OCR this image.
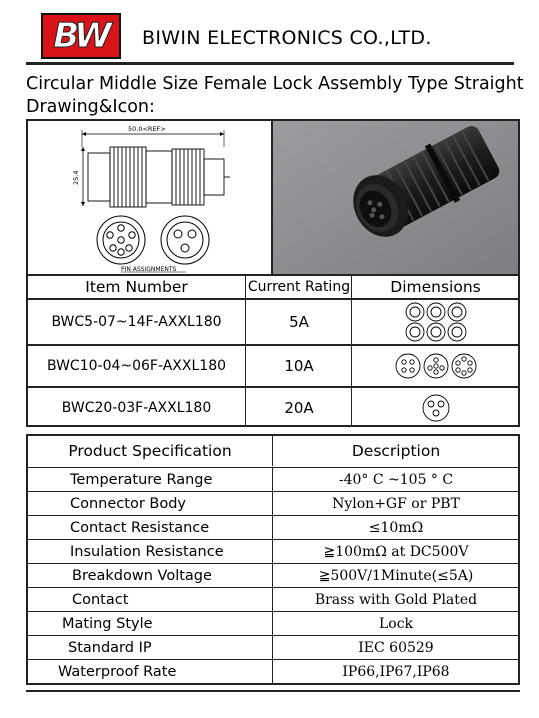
BW BIWIN ELECTRONICS CO.,LTD.
Circular Middle Size Female Lock Assembly Type Straight
Drawing&Icon:
50.0<REF>
25.4
PIN ASSIGNMENTS
Item Number	Current Rating	Dimensions
BWC5-07~14F-AXXL180	5A
BWC10-04~06F-AXXL180	10A
BWC20-03F-AXXL180	20A
Product Specification	Description
Temperature Range	-40° C ~105 ° C
Connector Body	Nylon+GF or PBT
Contact Resistance	≤10mΩ
Insulation Resistance	≧100mΩ at DC500V
Breakdown Voltage	≧500V/1Minute(≤5A)
Contact	Brass with Gold Plated
Mating Style	Lock
Standard IP	IEC 60529
Waterproof Rate	IP66,IP67,IP68
